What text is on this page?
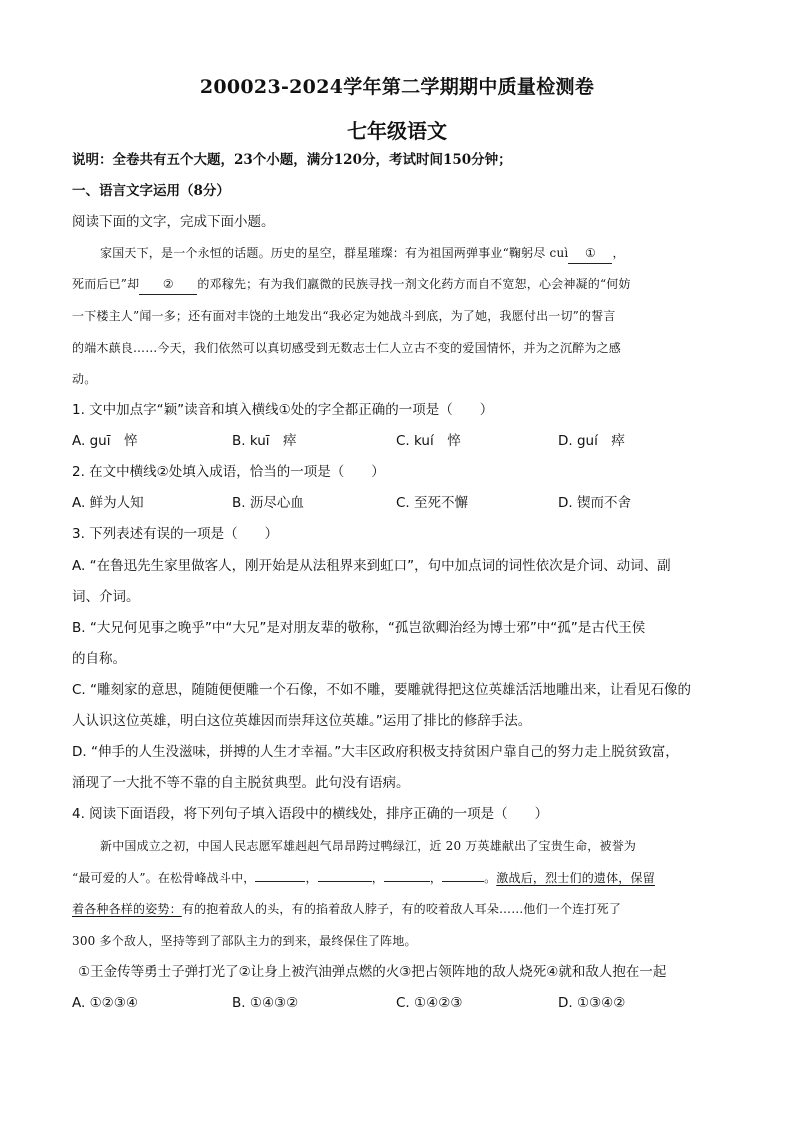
200023-2024学年第二学期期中质量检测卷
七年级语文
说明：全卷共有五个大题，23个小题，满分120分，考试时间150分钟；
一、语言文字运用（8分）
阅读下面的文字，完成下面小题。
家国天下，是一个永恒的话题。历史的星空，群星璀璨：有为祖国两弹事业“鞠躬尽 cuì ① ，
死而后已”却 ② 的邓稼先；有为我们羸微的民族寻找一剂文化药方而自不宽恕，心会神凝的“何妨
一下楼主人”闻一多；还有面对丰饶的土地发出“我必定为她战斗到底，为了她，我愿付出一切”的誓言
的端木蕻良……今天，我们依然可以真切感受到无数志士仁人立古不变的爱国情怀，并为之沉醉为之感
动。
1. 文中加点字“颖”读音和填入横线①处的字全都正确的一项是（　　）
A. guī　悴	B. kuī　瘁	C. kuí　悴	D. guí　瘁
2. 在文中横线②处填入成语，恰当的一项是（　　）
A. 鲜为人知	B. 沥尽心血	C. 至死不懈	D. 锲而不舍
3. 下列表述有误的一项是（　　）
A. “在鲁迅先生家里做客人，刚开始是从法租界来到虹口”，句中加点词的词性依次是介词、动词、副
词、介词。
B. “大兄何见事之晚乎”中“大兄”是对朋友辈的敬称，“孤岂欲卿治经为博士邪”中“孤”是古代王侯
的自称。
C. “雕刻家的意思，随随便便雕一个石像，不如不雕，要雕就得把这位英雄活活地雕出来，让看见石像的
人认识这位英雄，明白这位英雄因而崇拜这位英雄。”运用了排比的修辞手法。
D. “伸手的人生没滋味，拼搏的人生才幸福。”大丰区政府积极支持贫困户靠自己的努力走上脱贫致富，
涌现了一大批不等不靠的自主脱贫典型。此句没有语病。
4. 阅读下面语段，将下列句子填入语段中的横线处，排序正确的一项是（　　）
新中国成立之初，中国人民志愿军雄赳赳气昂昂跨过鸭绿江，近 20 万英雄献出了宝贵生命，被誉为
“最可爱的人”。在松骨峰战斗中，	，	，	，	。激战后，烈士们的遗体，保留
着各种各样的姿势：有的抱着敌人的头，有的掐着敌人脖子，有的咬着敌人耳朵……他们一个连打死了
300 多个敌人，坚持等到了部队主力的到来，最终保住了阵地。
①王金传等勇士子弹打光了②让身上被汽油弹点燃的火③把占领阵地的敌人烧死④就和敌人抱在一起
A. ①②③④	B. ①④③②	C. ①④②③	D. ①③④②
